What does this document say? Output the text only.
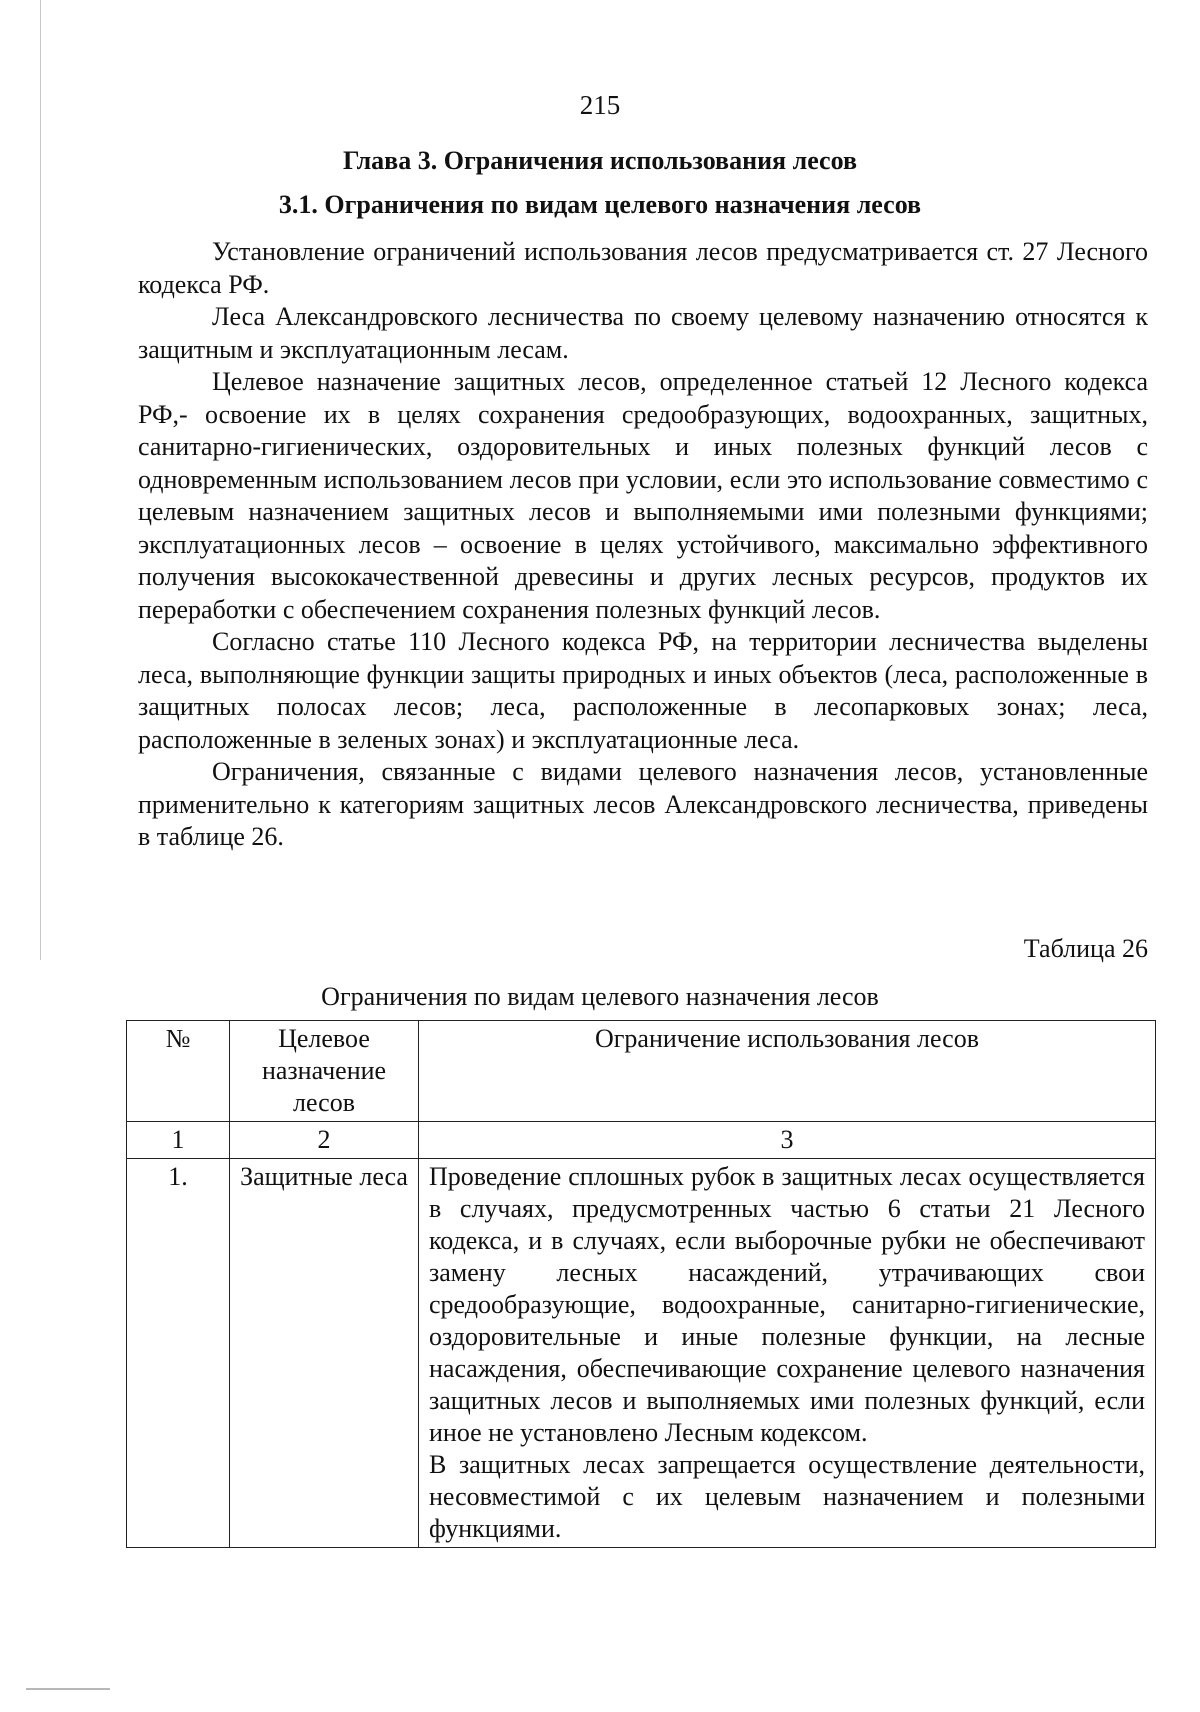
215
Глава 3. Ограничения использования лесов
3.1. Ограничения по видам целевого назначения лесов

Установление ограничений использования лесов предусматривается ст. 27 Лесного кодекса РФ.

Леса Александровского лесничества по своему целевому назначению относятся к защитным и эксплуатационным лесам.

Целевое назначение защитных лесов, определенное статьей 12 Лесного кодекса РФ,- освоение их в целях сохранения средообразующих, водоохранных, защитных, санитарно-гигиенических, оздоровительных и иных полезных функций лесов с одновременным использованием лесов при условии, если это использование совместимо с целевым назначением защитных лесов и выполняемыми ими полезными функциями; эксплуатационных лесов – освоение в целях устойчивого, максимально эффективного получения высококачественной древесины и других лесных ресурсов, продуктов их переработки с обеспечением сохранения полезных функций лесов.

Согласно статье 110 Лесного кодекса РФ, на территории лесничества выделены леса, выполняющие функции защиты природных и иных объектов (леса, расположенные в защитных полосах лесов; леса, расположенные в лесопарковых зонах; леса, расположенные в зеленых зонах) и эксплуатационные леса.

Ограничения, связанные с видами целевого назначения лесов, установленные применительно к категориям защитных лесов Александровского лесничества, приведены в таблице 26.

Таблица 26
Ограничения по видам целевого назначения лесов
№	Целевое назначение лесов	Ограничение использования лесов
1	2	3
1.	Защитные леса	Проведение сплошных рубок в защитных лесах осуществляется в случаях, предусмотренных частью 6 статьи 21 Лесного кодекса, и в случаях, если выборочные рубки не обеспечивают замену лесных насаждений, утрачивающих свои средообразующие, водоохранные, санитарно-гигиенические, оздоровительные и иные полезные функции, на лесные насаждения, обеспечивающие сохранение целевого назначения защитных лесов и выполняемых ими полезных функций, если иное не установлено Лесным кодексом.

В защитных лесах запрещается осуществление деятельности, несовместимой с их целевым назначением и полезными функциями.
